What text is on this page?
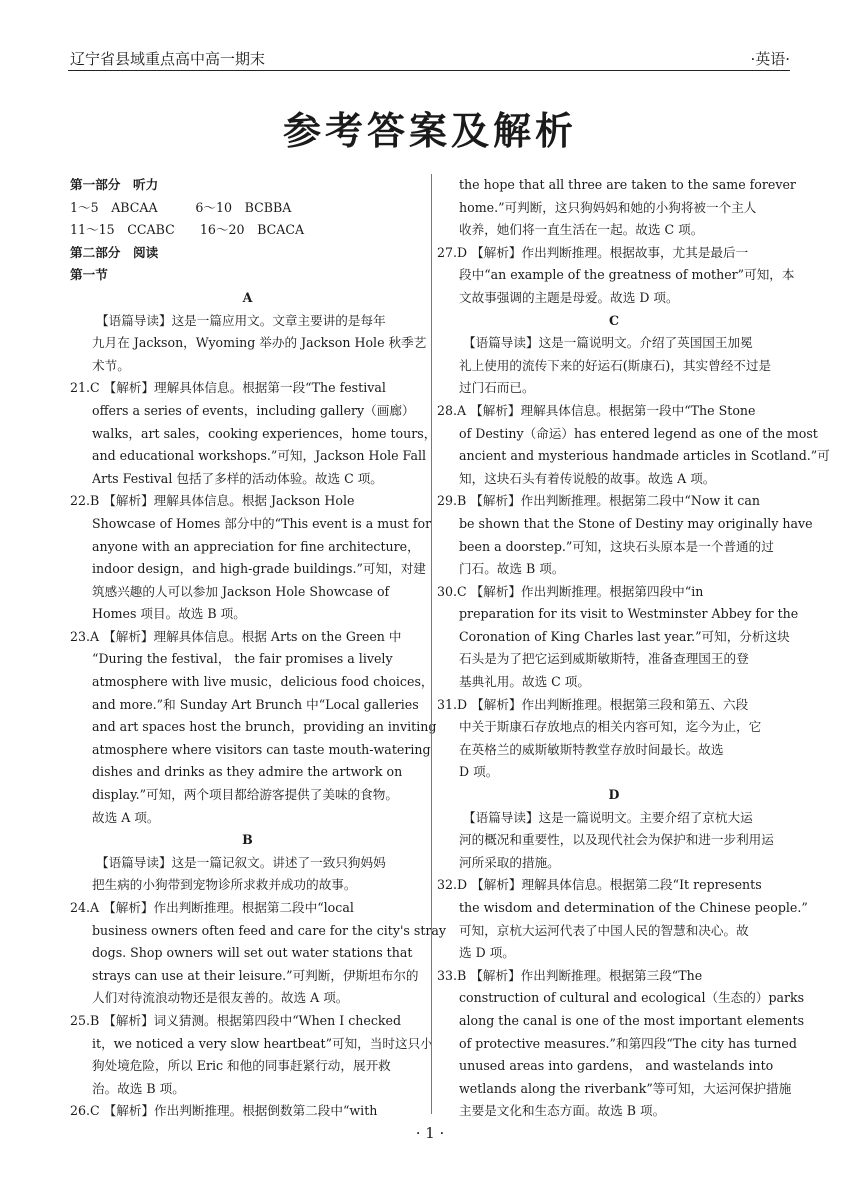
辽宁省县域重点高中高一期末	·英语·
参考答案及解析
第一部分　听力
1～5　ABCAA　　　6～10　BCBBA
11～15　CCABC　　16～20　BCACA
第二部分　阅读
第一节
A
【语篇导读】这是一篇应用文。文章主要讲的是每年
九月在 Jackson，Wyoming 举办的 Jackson Hole 秋季艺
术节。
21.C 【解析】理解具体信息。根据第一段“The festival
offers a series of events，including gallery（画廊）
walks，art sales，cooking experiences，home tours，
and educational workshops.”可知，Jackson Hole Fall
Arts Festival 包括了多样的活动体验。故选 C 项。
22.B 【解析】理解具体信息。根据 Jackson Hole
Showcase of Homes 部分中的“This event is a must for
anyone with an appreciation for fine architecture，
indoor design，and high-grade buildings.”可知，对建
筑感兴趣的人可以参加 Jackson Hole Showcase of
Homes 项目。故选 B 项。
23.A 【解析】理解具体信息。根据 Arts on the Green 中
“During the festival， the fair promises a lively
atmosphere with live music，delicious food choices，
and more.”和 Sunday Art Brunch 中“Local galleries
and art spaces host the brunch，providing an inviting
atmosphere where visitors can taste mouth-watering
dishes and drinks as they admire the artwork on
display.”可知，两个项目都给游客提供了美味的食物。
故选 A 项。
B
【语篇导读】这是一篇记叙文。讲述了一致只狗妈妈
把生病的小狗带到宠物诊所求救并成功的故事。
24.A 【解析】作出判断推理。根据第二段中“local
business owners often feed and care for the city's stray
dogs. Shop owners will set out water stations that
strays can use at their leisure.”可判断，伊斯坦布尔的
人们对待流浪动物还是很友善的。故选 A 项。
25.B 【解析】词义猜测。根据第四段中“When I checked
it，we noticed a very slow heartbeat”可知，当时这只小
狗处境危险，所以 Eric 和他的同事赶紧行动，展开救
治。故选 B 项。
26.C 【解析】作出判断推理。根据倒数第二段中“with
the hope that all three are taken to the same forever
home.”可判断，这只狗妈妈和她的小狗将被一个主人
收养，她们将一直生活在一起。故选 C 项。
27.D 【解析】作出判断推理。根据故事，尤其是最后一
段中“an example of the greatness of mother”可知，本
文故事强调的主题是母爱。故选 D 项。
C
【语篇导读】这是一篇说明文。介绍了英国国王加冕
礼上使用的流传下来的好运石(斯康石)，其实曾经不过是
过门石而已。
28.A 【解析】理解具体信息。根据第一段中“The Stone
of Destiny（命运）has entered legend as one of the most
ancient and mysterious handmade articles in Scotland.”可
知，这块石头有着传说般的故事。故选 A 项。
29.B 【解析】作出判断推理。根据第二段中“Now it can
be shown that the Stone of Destiny may originally have
been a doorstep.”可知，这块石头原本是一个普通的过
门石。故选 B 项。
30.C 【解析】作出判断推理。根据第四段中“in
preparation for its visit to Westminster Abbey for the
Coronation of King Charles last year.”可知，分析这块
石头是为了把它运到威斯敏斯特，准备查理国王的登
基典礼用。故选 C 项。
31.D 【解析】作出判断推理。根据第三段和第五、六段
中关于斯康石存放地点的相关内容可知，迄今为止，它
在英格兰的威斯敏斯特教堂存放时间最长。故选
D 项。
D
【语篇导读】这是一篇说明文。主要介绍了京杭大运
河的概况和重要性，以及现代社会为保护和进一步利用运
河所采取的措施。
32.D 【解析】理解具体信息。根据第二段“It represents
the wisdom and determination of the Chinese people.”
可知，京杭大运河代表了中国人民的智慧和决心。故
选 D 项。
33.B 【解析】作出判断推理。根据第三段“The
construction of cultural and ecological（生态的）parks
along the canal is one of the most important elements
of protective measures.”和第四段“The city has turned
unused areas into gardens， and wastelands into
wetlands along the riverbank”等可知，大运河保护措施
主要是文化和生态方面。故选 B 项。
· 1 ·
